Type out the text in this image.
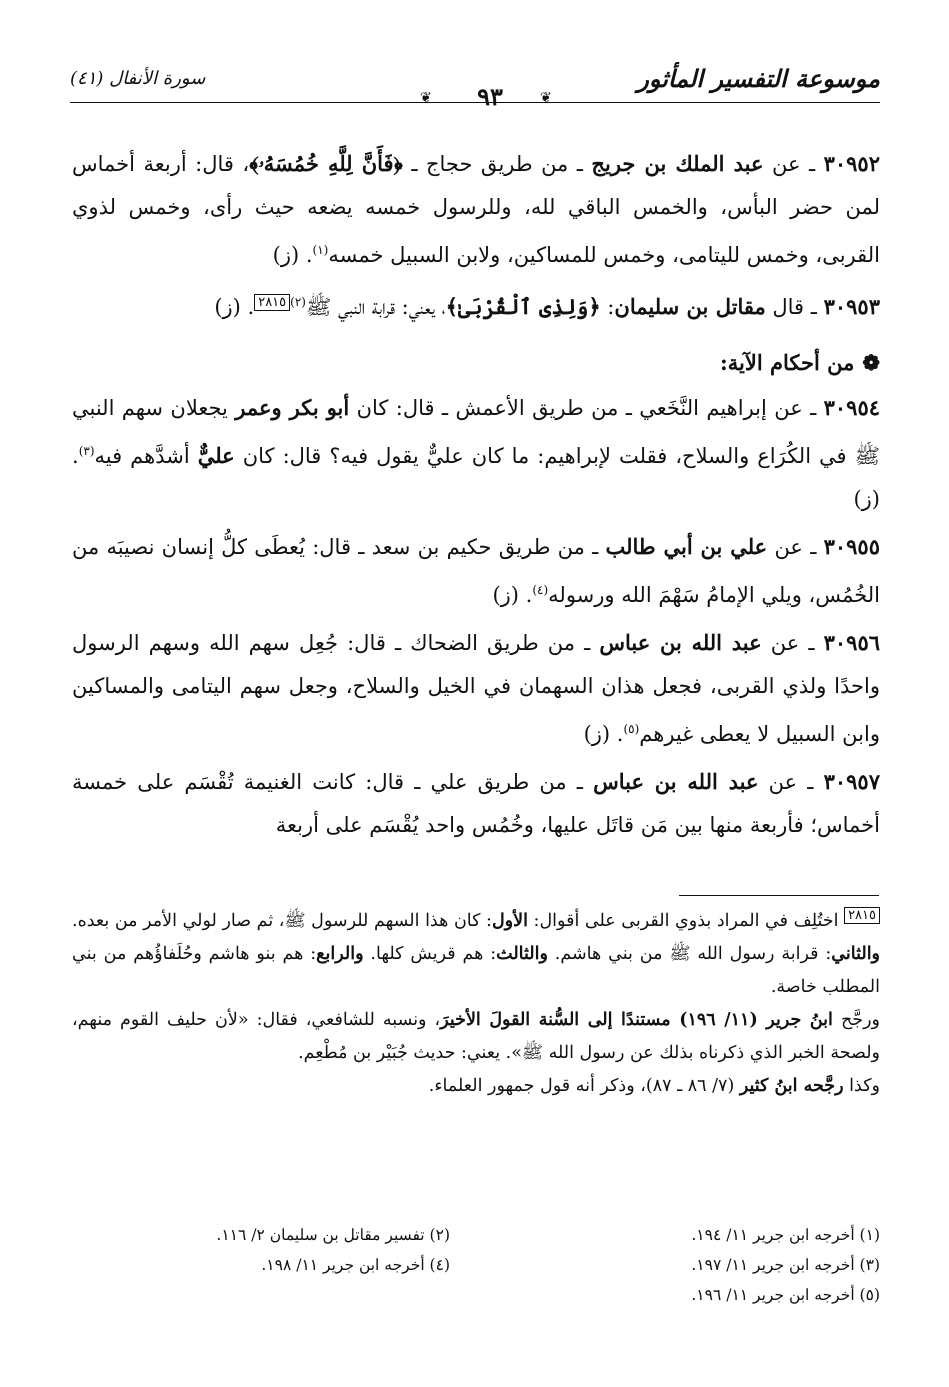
موسوعة التفسير المأثور
❦
٩٣
❦
سورة الأنفال (٤١)

٣٠٩٥٢ ـ عن عبد الملك بن جريج ـ من طريق حجاج ـ ﴿فَأَنَّ لِلَّهِ خُمُسَهُۥ﴾، قال: أربعة أخماس لمن حضر البأس، والخمس الباقي لله، وللرسول خمسه يضعه حيث رأى، وخمس لذوي القربى، وخمس لليتامى، وخمس للمساكين، ولابن السبيل خمسه$^{(١)}$. (ز)

٣٠٩٥٣ ـ قال مقاتل بن سليمان: ﴿وَلِذِى ٱلْقُرْبَىٰ﴾، يعني: قرابة النبي ﷺ$^{(٢)}$٢٨١٥. (ز)

❁من أحكام الآية:

٣٠٩٥٤ ـ عن إبراهيم النَّخَعي ـ من طريق الأعمش ـ قال: كان أبو بكر وعمر يجعلان سهم النبي ﷺ في الكُرَاع والسلاح، فقلت لإبراهيم: ما كان عليٌّ يقول فيه؟ قال: كان عليٌّ أشدَّهم فيه$^{(٣)}$. (ز)

٣٠٩٥٥ ـ عن علي بن أبي طالب ـ من طريق حكيم بن سعد ـ قال: يُعطَى كلُّ إنسان نصيبَه من الخُمُس، ويلي الإمامُ سَهْمَ الله ورسوله$^{(٤)}$. (ز)

٣٠٩٥٦ ـ عن عبد الله بن عباس ـ من طريق الضحاك ـ قال: جُعِل سهم الله وسهم الرسول واحدًا ولذي القربى، فجعل هذان السهمان في الخيل والسلاح، وجعل سهم اليتامى والمساكين وابن السبيل لا يعطى غيرهم$^{(٥)}$. (ز)

٣٠٩٥٧ ـ عن عبد الله بن عباس ـ من طريق علي ـ قال: كانت الغنيمة تُقْسَم على خمسة أخماس؛ فأربعة منها بين مَن قاتَل عليها، وخُمُس واحد يُقْسَم على أربعة

٢٨١٥ اختُلِف في المراد بذوي القربى على أقوال: الأول: كان هذا السهم للرسول ﷺ، ثم صار لولي الأمر من بعده. والثاني: قرابة رسول الله ﷺ من بني هاشم. والثالث: هم قريش كلها. والرابع: هم بنو هاشم وحُلَفاؤُهم من بني المطلب خاصة.

ورجَّح ابنُ جرير (١١/ ١٩٦) مستندًا إلى السُّنة القولَ الأخيرَ، ونسبه للشافعي، فقال: «لأن حليف القوم منهم، ولصحة الخبر الذي ذكرناه بذلك عن رسول الله ﷺ». يعني: حديث جُبَيْر بن مُطْعِم.

وكذا رجَّحه ابنُ كثير (٧/ ٨٦ ـ ٨٧)، وذكر أنه قول جمهور العلماء.

(١) أخرجه ابن جرير ١١/ ١٩٤.
(٣) أخرجه ابن جرير ١١/ ١٩٧.
(٥) أخرجه ابن جرير ١١/ ١٩٦.
(٢) تفسير مقاتل بن سليمان ٢/ ١١٦.
(٤) أخرجه ابن جرير ١١/ ١٩٨.
